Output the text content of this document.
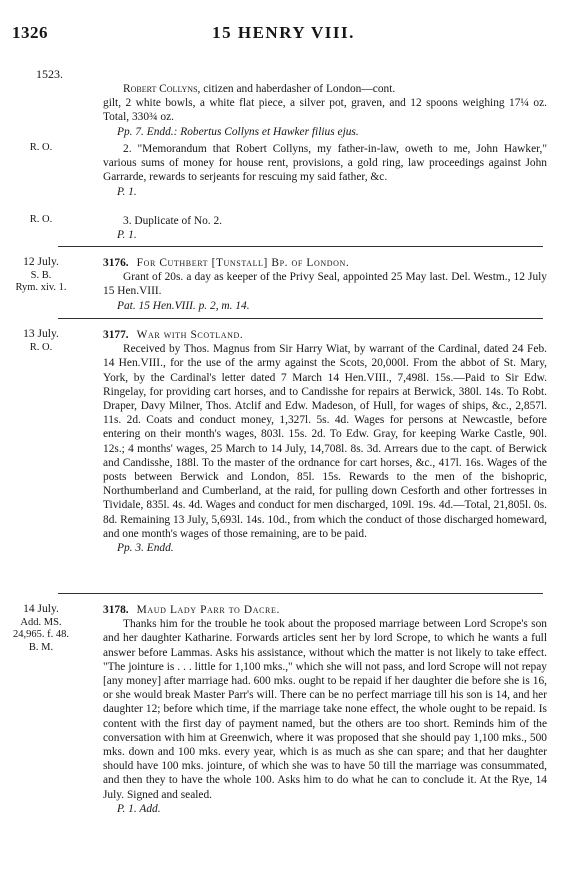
1326	15 HENRY VIII.
1523.

Robert Collyns, citizen and haberdasher of London—cont.

gilt, 2 white bowls, a white flat piece, a silver pot, graven, and 12 spoons weighing 17¼ oz. Total, 330¾ oz.

Pp. 7. Endd.: Robertus Collyns et Hawker filius ejus.
R. O.	2. "Memorandum that Robert Collyns, my father-in-law, oweth to me, John Hawker," various sums of money for house rent, provisions, a gold ring, law proceedings against John Garrarde, rewards to serjeants for rescuing my said father, &c.

P. 1.
R. O.	3. Duplicate of No. 2.

P. 1.
12 July.
S. B.
Rym. xiv. 1.

3176. For Cuthbert [Tunstall] Bp. of London.

Grant of 20s. a day as keeper of the Privy Seal, appointed 25 May last. Del. Westm., 12 July 15 Hen.VIII.

Pat. 15 Hen.VIII. p. 2, m. 14.
13 July.
R. O.

3177. War with Scotland.

Received by Thos. Magnus from Sir Harry Wiat, by warrant of the Cardinal, dated 24 Feb. 14 Hen.VIII., for the use of the army against the Scots, 20,000l. From the abbot of St. Mary, York, by the Cardinal's letter dated 7 March 14 Hen.VIII., 7,498l. 15s.—Paid to Sir Edw. Ringelay, for providing cart horses, and to Candisshe for repairs at Berwick, 380l. 14s. To Robt. Draper, Davy Milner, Thos. Atclif and Edw. Madeson, of Hull, for wages of ships, &c., 2,857l. 11s. 2d. Coats and conduct money, 1,327l. 5s. 4d. Wages for persons at Newcastle, before entering on their month's wages, 803l. 15s. 2d. To Edw. Gray, for keeping Warke Castle, 90l. 12s.; 4 months' wages, 25 March to 14 July, 14,708l. 8s. 3d. Arrears due to the capt. of Berwick and Candisshe, 188l. To the master of the ordnance for cart horses, &c., 417l. 16s. Wages of the posts between Berwick and London, 85l. 15s. Rewards to the men of the bishopric, Northumberland and Cumberland, at the raid, for pulling down Cesforth and other fortresses in Tividale, 835l. 4s. 4d. Wages and conduct for men discharged, 109l. 19s. 4d.—Total, 21,805l. 0s. 8d. Remaining 13 July, 5,693l. 14s. 10d., from which the conduct of those discharged homeward, and one month's wages of those remaining, are to be paid.

Pp. 3. Endd.
14 July.
Add. MS.
24,965. f. 48.
B. M.

3178. Maud Lady Parr to Dacre.

Thanks him for the trouble he took about the proposed marriage between Lord Scrope's son and her daughter Katharine. Forwards articles sent her by lord Scrope, to which he wants a full answer before Lammas. Asks his assistance, without which the matter is not likely to take effect. "The jointure is . . . little for 1,100 mks.," which she will not pass, and lord Scrope will not repay [any money] after marriage had. 600 mks. ought to be repaid if her daughter die before she is 16, or she would break Master Parr's will. There can be no perfect marriage till his son is 14, and her daughter 12; before which time, if the marriage take none effect, the whole ought to be repaid. Is content with the first day of payment named, but the others are too short. Reminds him of the conversation with him at Greenwich, where it was proposed that she should pay 1,100 mks., 500 mks. down and 100 mks. every year, which is as much as she can spare; and that her daughter should have 100 mks. jointure, of which she was to have 50 till the marriage was consummated, and then they to have the whole 100. Asks him to do what he can to conclude it. At the Rye, 14 July. Signed and sealed.

P. 1. Add.
